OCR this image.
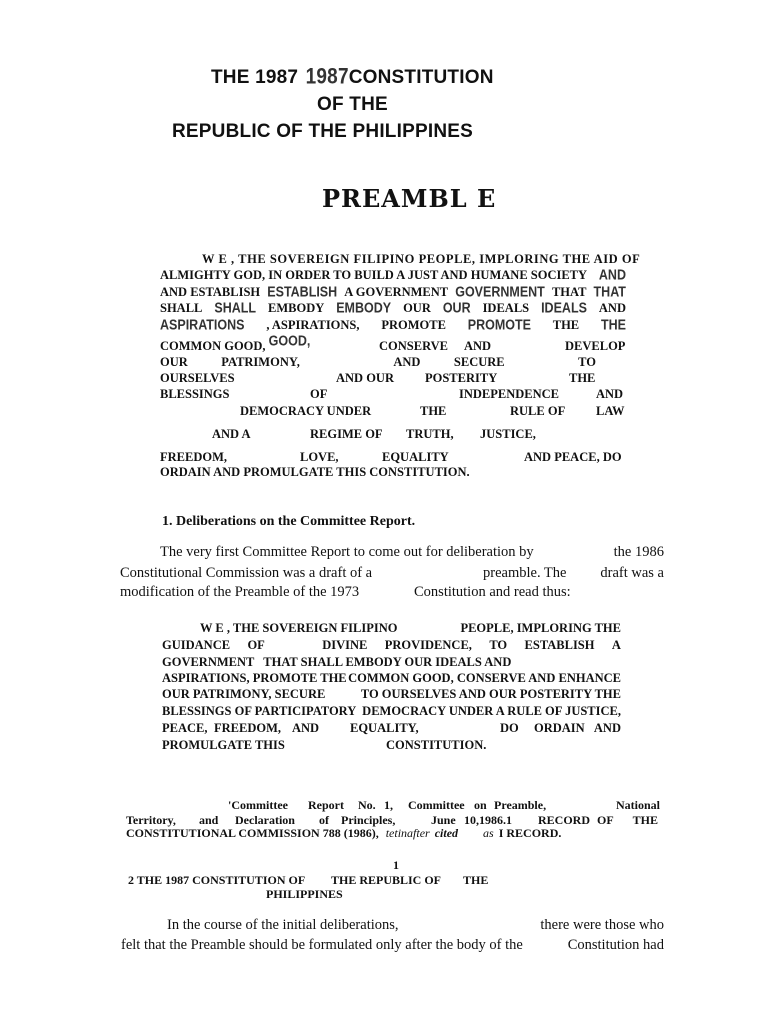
THE 1987 1987CONSTITUTION
OF THE
REPUBLIC OF THE PHILIPPINES
PREAMBL E
W E , THE SOVEREIGN FILIPINO PEOPLE, IMPLORING THE AID OF
ALMIGHTY GOD, IN ORDER TO BUILD A JUST AND HUMANE SOCIETY AND
AND ESTABLISH ESTABLISH A GOVERNMENT GOVERNMENT THAT THAT
SHALL SHALL EMBODY EMBODY OUR OUR IDEALS IDEALS AND
ASPIRATIONS , ASPIRATIONS, PROMOTE PROMOTE THE THE
COMMON GOOD, GOOD,	CONSERVE AND	DEVELOP
OUR	PATRIMONY,	AND	SECURE	TO
OURSELVES	AND OUR POSTERITY	THE
BLESSINGS	OF	INDEPENDENCE	AND
DEMOCRACY UNDER	THE	RULE OF LAW
AND A	REGIME OF TRUTH, JUSTICE,
FREEDOM,	LOVE,	EQUALITY	AND PEACE, DO
ORDAIN AND PROMULGATE THIS CONSTITUTION.
1. Deliberations on the Committee Report.
The very first Committee Report to come out for deliberation by	the 1986
Constitutional Commission was a draft of a	preamble. The draft was a
modification of the Preamble of the 1973	Constitution and read thus:
W E , THE SOVEREIGN FILIPINO	PEOPLE, IMPLORING THE
GUIDANCE OF	DIVINE PROVIDENCE, TO ESTABLISH A
GOVERNMENT THAT SHALL EMBODY OUR IDEALS AND
ASPIRATIONS, PROMOTE THE COMMON GOOD, CONSERVE AND ENHANCE
OUR PATRIMONY, SECURE	TO OURSELVES AND OUR POSTERITY THE
BLESSINGS OF PARTICIPATORY DEMOCRACY UNDER A RULE OF JUSTICE,
PEACE, FREEDOM, AND EQUALITY,	DO ORDAIN AND
PROMULGATE THIS	CONSTITUTION.
'Committee Report No. 1, Committee on Preamble,	National
Territory, and Declaration of Principles,	June 10,1986.1 RECORD OF THE
CONSTITUTIONAL COMMISSION 788 (1986), tetinafter cited as I RECORD.
1
2 THE 1987 CONSTITUTION OF THE REPUBLIC OF THE
PHILIPPINES
In the course of the initial deliberations,	there were those who
felt that the Preamble should be formulated only after the body of the	Constitution had
